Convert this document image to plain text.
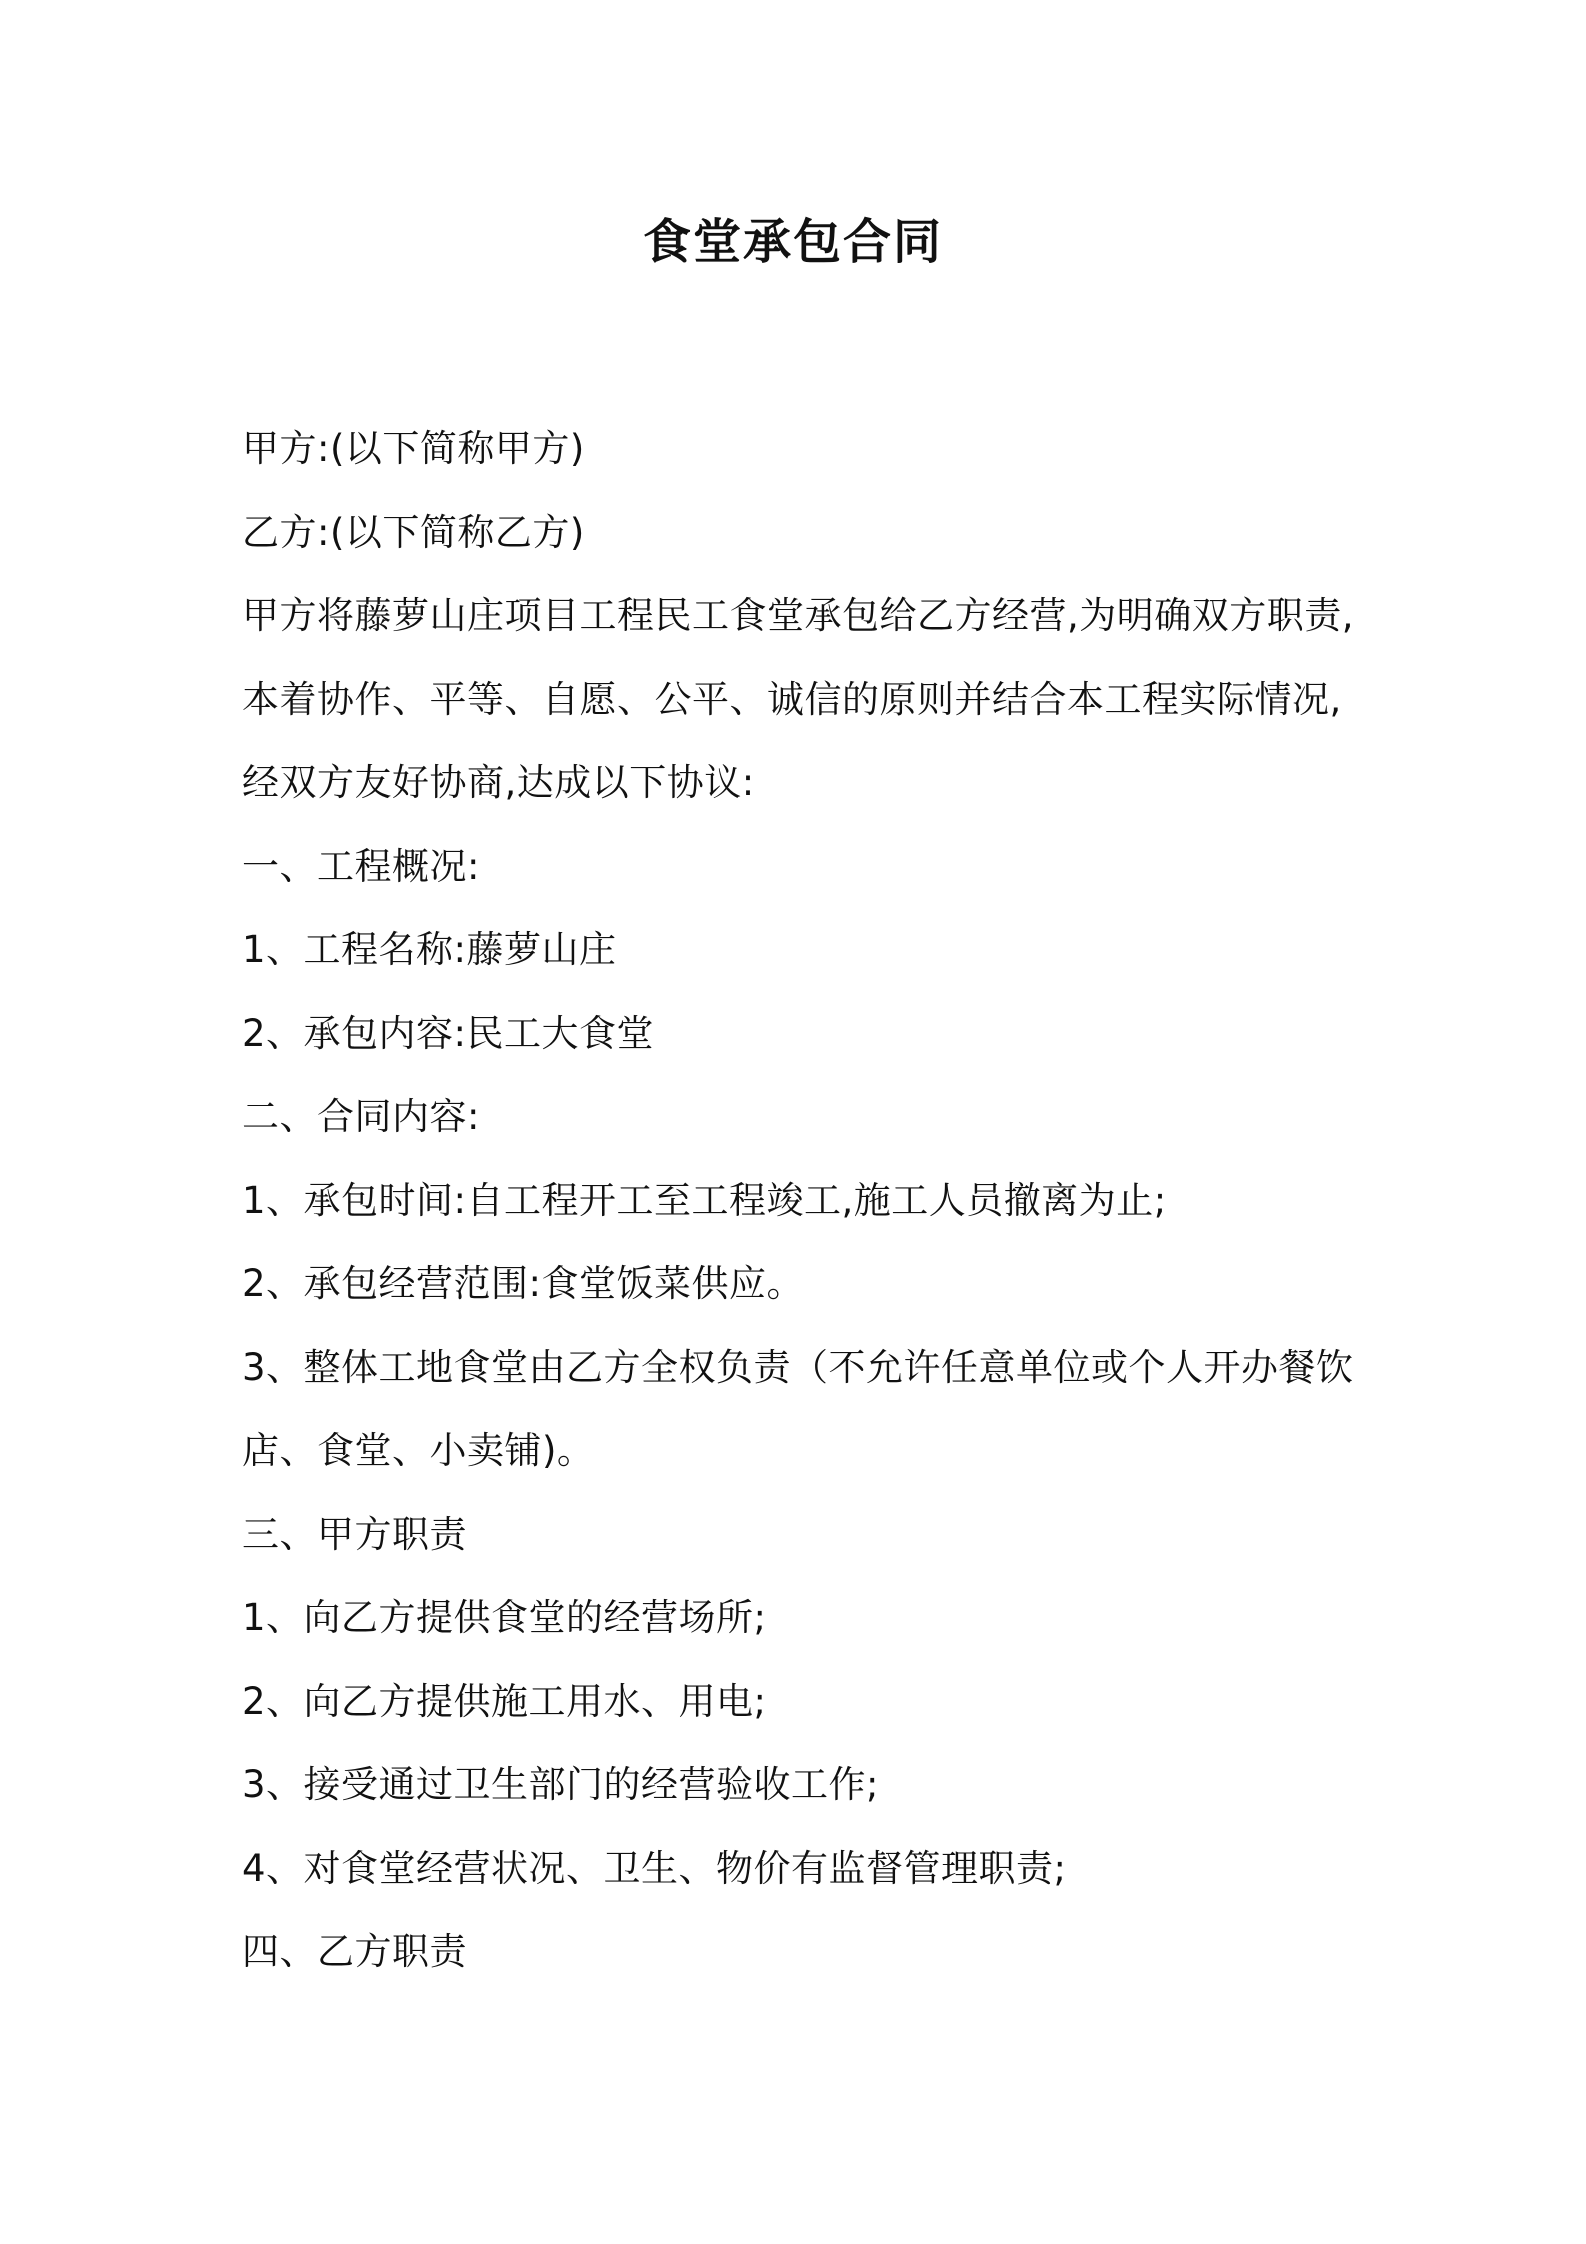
食堂承包合同
甲方:(以下简称甲方)
乙方:(以下简称乙方)
甲方将藤萝山庄项目工程民工食堂承包给乙方经营,为明确双方职责,
本着协作、平等、自愿、公平、诚信的原则并结合本工程实际情况,
经双方友好协商,达成以下协议:
一、工程概况:
1、工程名称:藤萝山庄
2、承包内容:民工大食堂
二、合同内容:
1、承包时间:自工程开工至工程竣工,施工人员撤离为止;
2、承包经营范围:食堂饭菜供应。
3、整体工地食堂由乙方全权负责（不允许任意单位或个人开办餐饮
店、食堂、小卖铺)。
三、甲方职责
1、向乙方提供食堂的经营场所;
2、向乙方提供施工用水、用电;
3、接受通过卫生部门的经营验收工作;
4、对食堂经营状况、卫生、物价有监督管理职责;
四、乙方职责
